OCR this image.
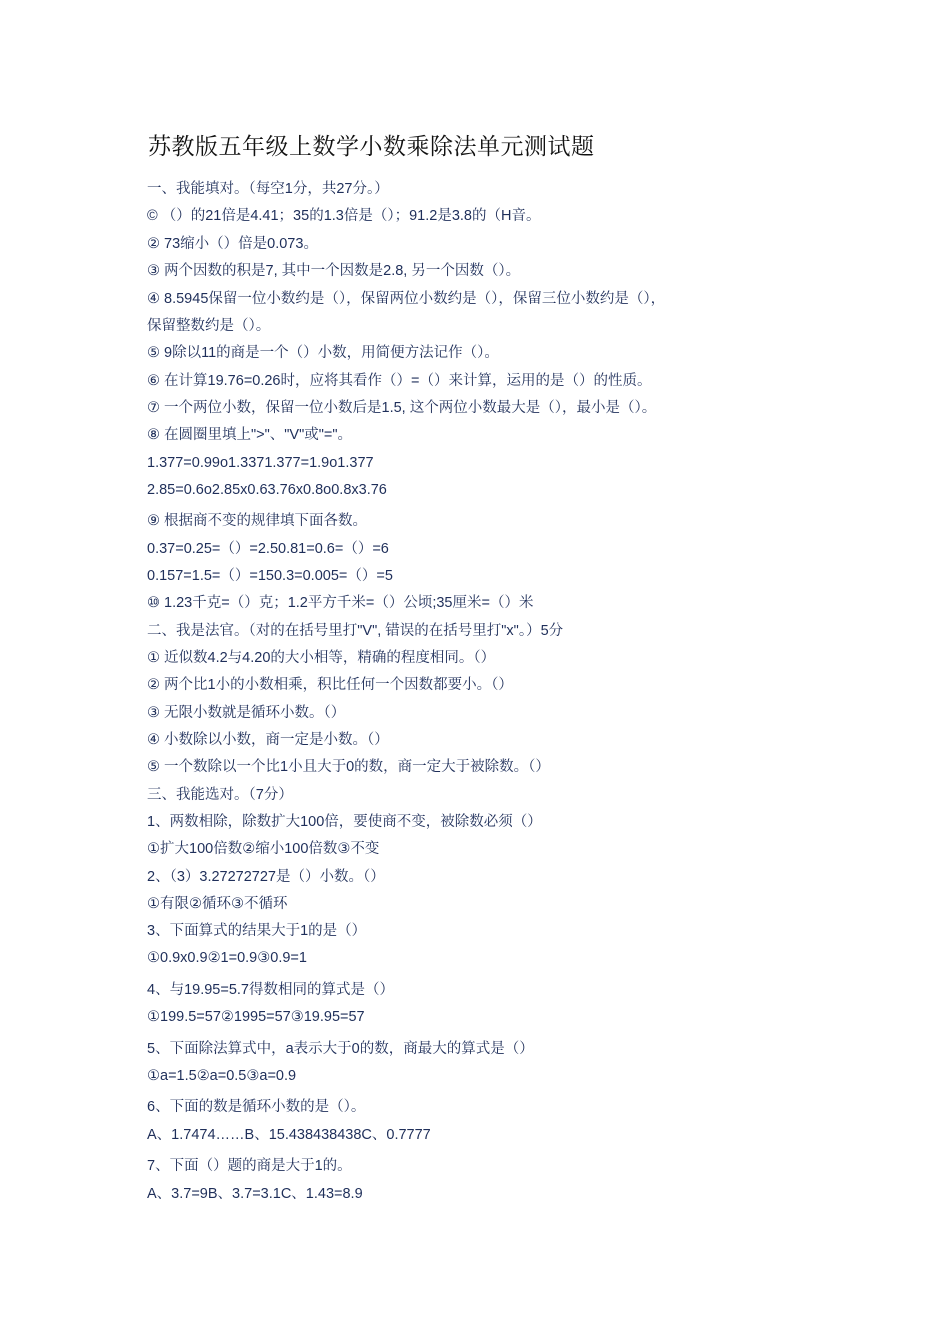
苏教版五年级上数学小数乘除法单元测试题
一、我能填对。（每空1分，共27分。）
© （）的21倍是4.41；35的1.3倍是（）；91.2是3.8的（H音。
② 73缩小（）倍是0.073。
③ 两个因数的积是7, 其中一个因数是2.8, 另一个因数（）。
④ 8.5945保留一位小数约是（），保留两位小数约是（），保留三位小数约是（），
保留整数约是（）。
⑤ 9除以11的商是一个（）小数，用简便方法记作（）。
⑥ 在计算19.76=0.26时，应将其看作（）=（）来计算，运用的是（）的性质。
⑦ 一个两位小数，保留一位小数后是1.5, 这个两位小数最大是（），最小是（）。
⑧ 在圆圈里填上">"、"V"或"="。
1.377=0.99o1.3371.377=1.9o1.377
2.85=0.6o2.85x0.63.76x0.8o0.8x3.76
⑨ 根据商不变的规律填下面各数。
0.37=0.25=（）=2.50.81=0.6=（）=6
0.157=1.5=（）=150.3=0.005=（）=5
⑩ 1.23千克=（）克；1.2平方千米=（）公顷;35厘米=（）米
二、我是法官。（对的在括号里打"V", 错误的在括号里打"x"。）5分
① 近似数4.2与4.20的大小相等，精确的程度相同。（）
② 两个比1小的小数相乘，积比任何一个因数都要小。（）
③ 无限小数就是循环小数。（）
④ 小数除以小数，商一定是小数。（）
⑤ 一个数除以一个比1小且大于0的数，商一定大于被除数。（）
三、我能选对。（7分）
1、两数相除，除数扩大100倍，要使商不变，被除数必须（）
①扩大100倍数②缩小100倍数③不变
2、（3）3.27272727是（）小数。（）
①有限②循环③不循环
3、下面算式的结果大于1的是（）
①0.9x0.9②1=0.9③0.9=1
4、与19.95=5.7得数相同的算式是（）
①199.5=57②1995=57③19.95=57
5、下面除法算式中，a表示大于0的数，商最大的算式是（）
①a=1.5②a=0.5③a=0.9
6、下面的数是循环小数的是（）。
A、1.7474……B、15.438438438C、0.7777
7、下面（）题的商是大于1的。
A、3.7=9B、3.7=3.1C、1.43=8.9
